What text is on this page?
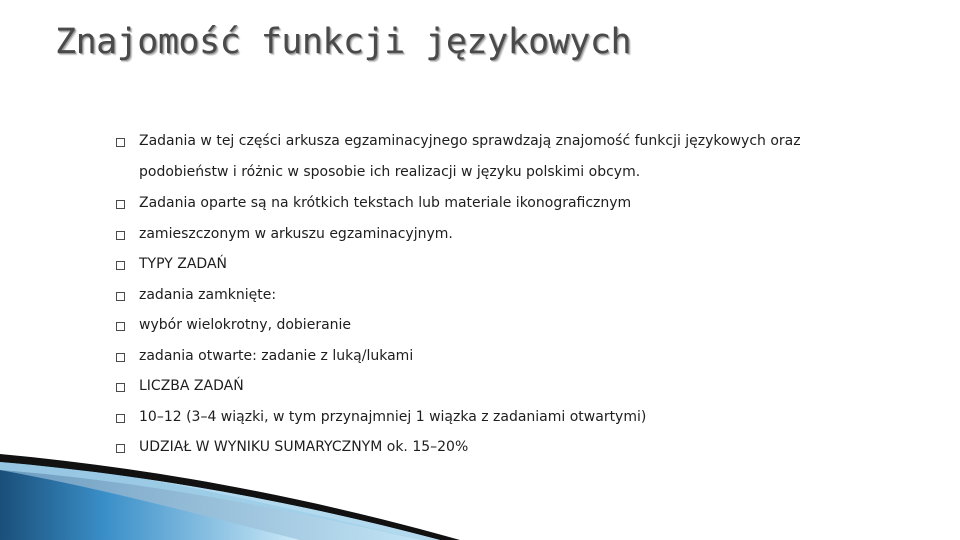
Znajomość funkcji językowych
Zadania w tej części arkusza egzaminacyjnego sprawdzają znajomość funkcji językowych oraz podobieństw i różnic w sposobie ich realizacji w języku polskimi obcym.
Zadania oparte są na krótkich tekstach lub materiale ikonograficznym
zamieszczonym w arkuszu egzaminacyjnym.
TYPY ZADAŃ
zadania zamknięte:
wybór wielokrotny, dobieranie
zadania otwarte: zadanie z luką/lukami
LICZBA ZADAŃ
10–12 (3–4 wiązki, w tym przynajmniej 1 wiązka z zadaniami otwartymi)
UDZIAŁ W WYNIKU SUMARYCZNYM ok. 15–20%
